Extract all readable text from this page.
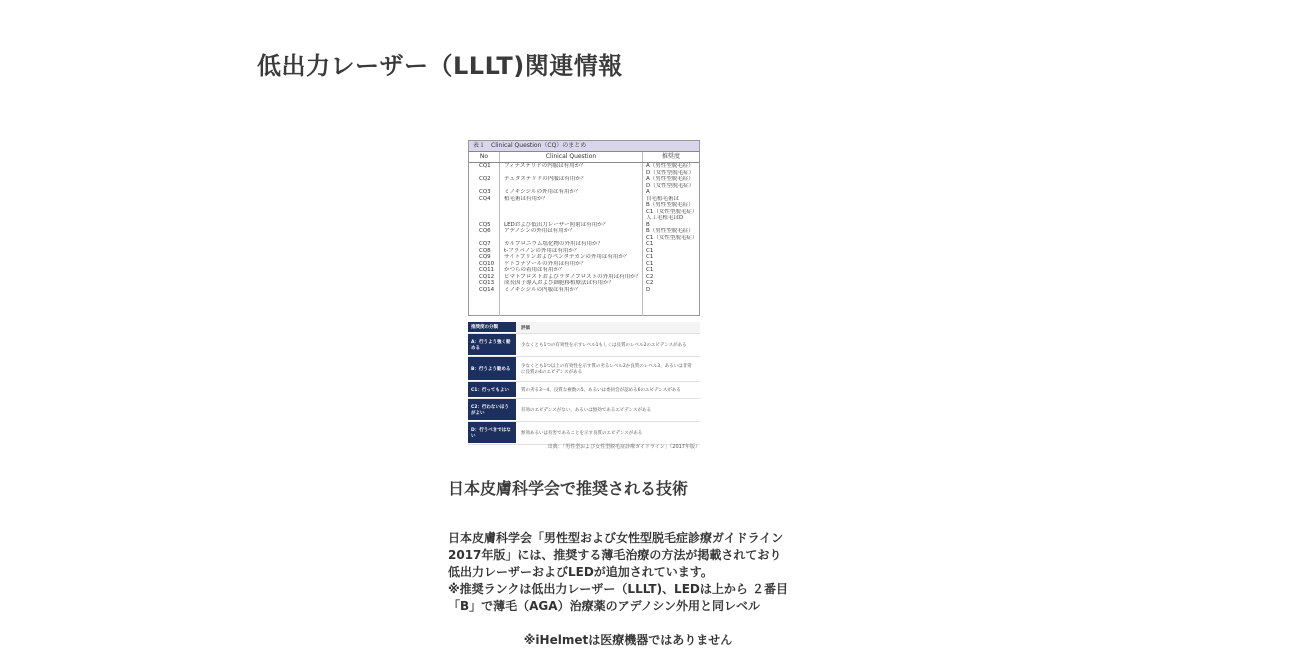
低出力レーザー（LLLT)関連情報
表１　Clinical Question（CQ）のまとめ
No	Clinical Question	推奨度
CQ1	フィナステリドの内服は有用か？	A（男性型脱毛症）
D（女性型脱毛症）
CQ2	デュタステリドの内服は有用か？	A（男性型脱毛症）
D（女性型脱毛症）
CQ3	ミノキシジルの外用は有用か？	A
CQ4	植毛術は有用か？	自毛植毛術は
B（男性型脱毛症）
C1（女性型脱毛症）
人工毛植毛はD
CQ5	LEDおよび低出力レーザー照射は有用か？	B
CQ6	アデノシンの外用は有用か？	B（男性型脱毛症）
C1（女性型脱毛症）
CQ7	カルプロニウム塩化物の外用は有用か？	C1
CQ8	t-フラバノンの外用は有用か？	C1
CQ9	サイトプリンおよびペンタデカンの外用は有用か？	C1
CQ10	ケトコナゾールの外用は有用か？	C1
CQ11	かつらの着用は有用か？	C1
CQ12	ビマトプロストおよびラタノプロストの外用は有用か？ C2
CQ13	成長因子導入および細胞移植療法は有用か？	C2
CQ14	ミノキシジルの内服は有用か？	D
推奨度の分類	評価
A：行うよう強く勧める	少なくとも1つの有効性を示すレベル1もしくは良質のレベル2のエビデンスがある
B：行うよう勧める	少なくとも1つ以上の有効性を示す質の劣るレベル2か良質のレベル3、あるいは非常に良質の4のエビデンスがある
C1：行ってもよい	質の劣る3～4、良質な複数の5、あるいは委員会が認める6のエビデンスがある
C2：行わないほうがよい	有効のエビデンスがない、あるいは無効であるエビデンスがある
D：行うべきではない	無効あるいは有害であることを示す良質のエビデンスがある
出典：「男性型および女性型脱毛症診療ガイドライン」（2017年版）
日本皮膚科学会で推奨される技術
日本皮膚科学会「男性型および女性型脱毛症診療ガイドライン
2017年版」には、推奨する薄毛治療の方法が掲載されており
低出力レーザーおよびLEDが追加されています。
※推奨ランクは低出力レーザー（LLLT)、LEDは上から ２番目
「B」で薄毛（AGA）治療薬のアデノシン外用と同レベル
※iHelmetは医療機器ではありません
